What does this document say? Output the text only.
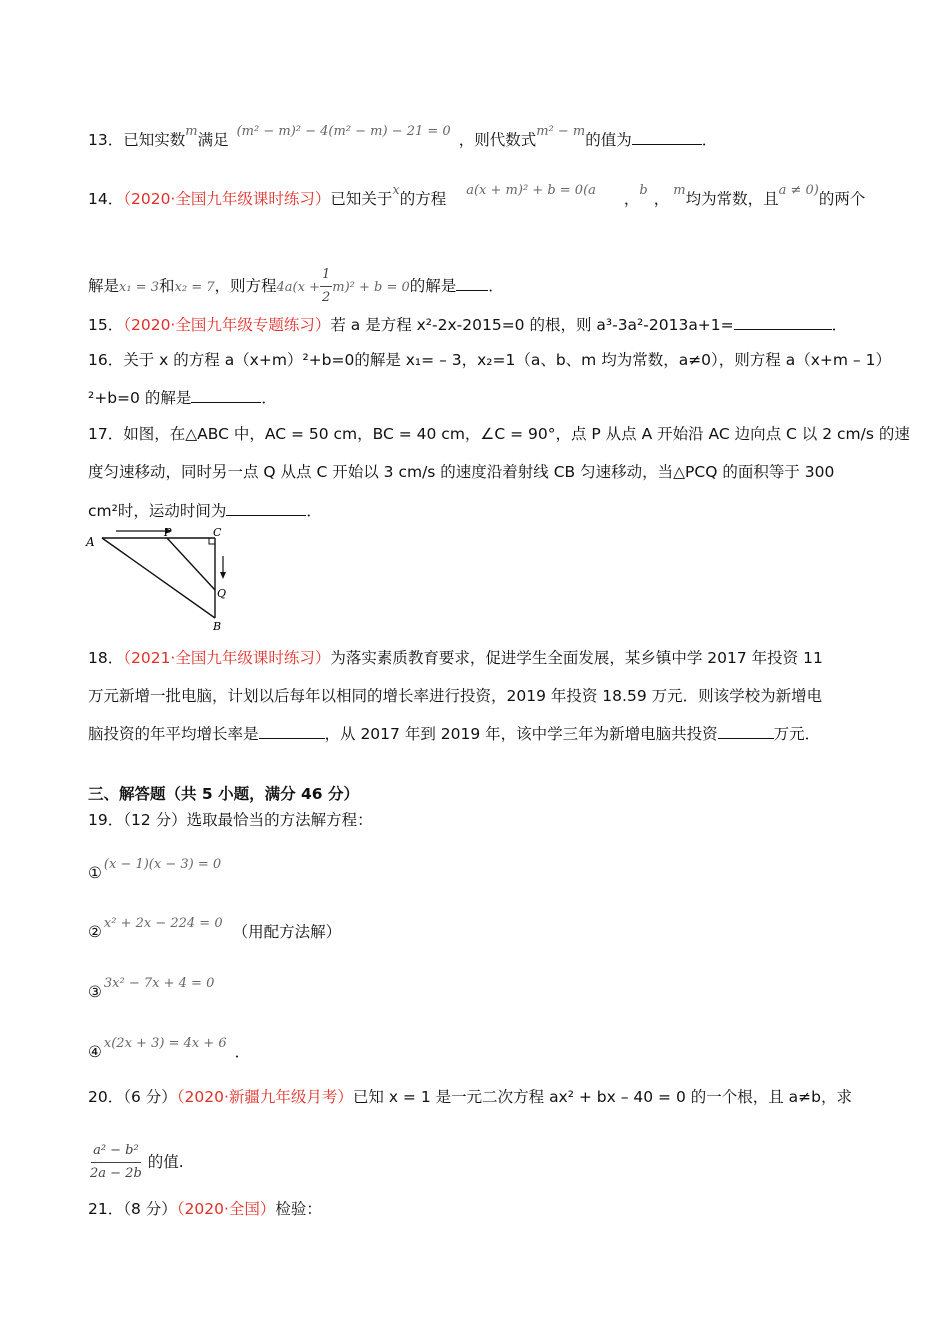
13．已知实数$^m$满足 $^{(m^2 - m)^2 - 4(m^2 - m) - 21 = 0}$ ，则代数式$^{m^2 - m}$的值为	．
14．（2020·全国九年级课时练习）已知关于$^x$的方程 $^{a(x + m)^2 + b = 0(a}$ ，$^b$ ， $^m$均为常数，且$^{a \ne 0)}$的两个
解是x₁ = 3和x₂ = 7，则方程$4a(x + \frac{1}{2} m)^2 + b = 0$的解是 ．
15．（2020·全国九年级专题练习）若 a 是方程 x²-2x-2015=0 的根，则 a³-3a²-2013a+1=	．
16．关于 x 的方程 a（x+m）²+b=0的解是 x₁= – 3，x₂=1（a、b、m 均为常数，a≠0），则方程 a（x+m – 1）
²+b=0 的解是	．
17．如图，在△ABC 中，AC = 50 cm，BC = 40 cm，∠C = 90°，点 P 从点 A 开始沿 AC 边向点 C 以 2 cm/s 的速
度匀速移动，同时另一点 Q 从点 C 开始以 3 cm/s 的速度沿着射线 CB 匀速移动，当△PCQ 的面积等于 300
cm²时，运动时间为	．
A
P	C
Q
B
18．（2021·全国九年级课时练习）为落实素质教育要求，促进学生全面发展，某乡镇中学 2017 年投资 11
万元新增一批电脑，计划以后每年以相同的增长率进行投资，2019 年投资 18.59 万元．则该学校为新增电
脑投资的年平均增长率是	，从 2017 年到 2019 年，该中学三年为新增电脑共投资	万元．
三、解答题（共 5 小题，满分 46 分）
19．（12 分）选取最恰当的方法解方程：
① $^{(x - 1)(x - 3) = 0}$
② $^{x^2 + 2x - 224 = 0}$ （用配方法解）
③ $^{3x^2 - 7x + 4 = 0}$
④ $^{x(2x + 3) = 4x + 6}$ ．
20．（6 分）（2020·新疆九年级月考）已知 x = 1 是一元二次方程 ax² + bx – 40 = 0 的一个根，且 a≠b，求
$\frac{\text{a² − b²}}{2a - 2b}$ 的值.
21．（8 分）（2020·全国）检验：
